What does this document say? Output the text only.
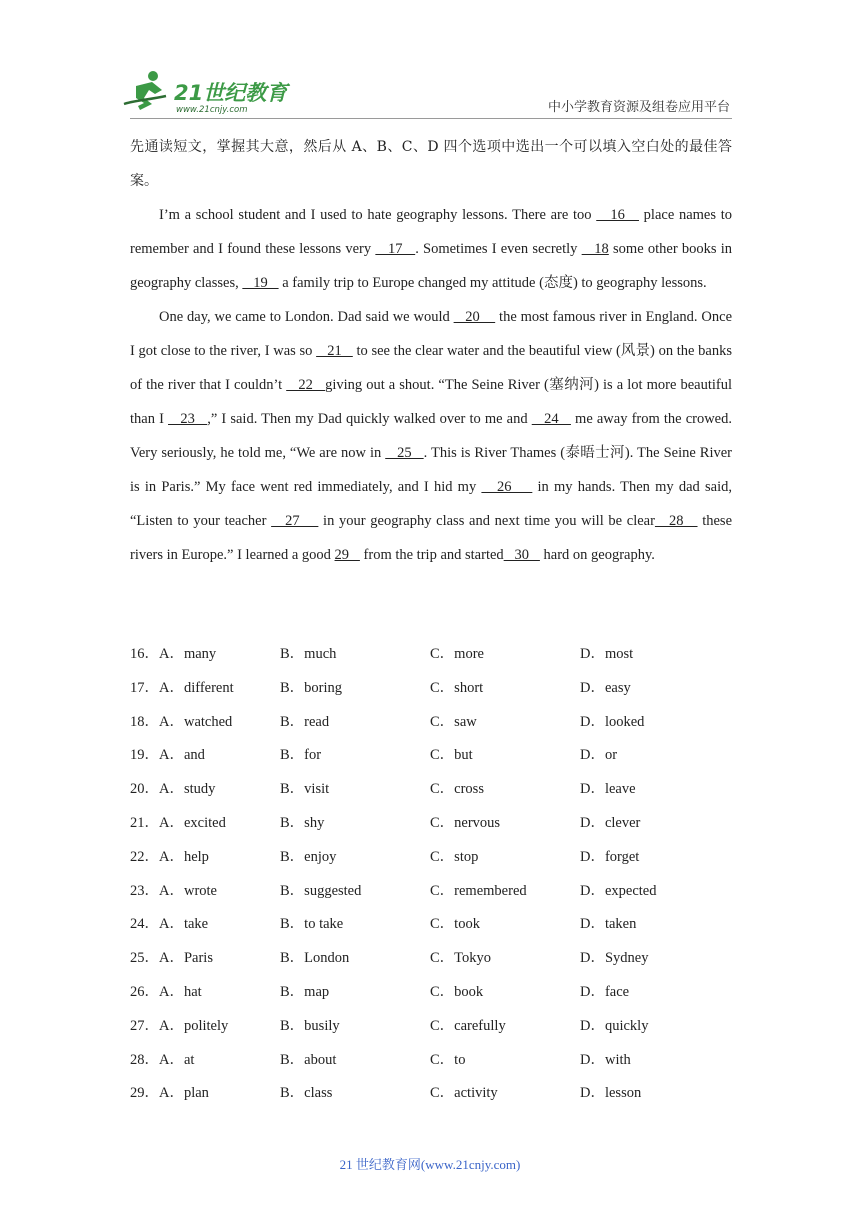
21世纪教育
www.21cnjy.com	中小学教育资源及组卷应用平台
先通读短文，掌握其大意，然后从 A、B、C、D 四个选项中选出一个可以填入空白处的最佳答案。
I’m a school student and I used to hate geography lessons. There are too    16    place names to remember and I found these lessons very    17   . Sometimes I even secretly    18 some other books in geography classes,    19    a family trip to Europe changed my attitude (态度) to geography lessons.
One day, we came to London. Dad said we would    20     the most famous river in England. Once I got close to the river, I was so    21    to see the clear water and the beautiful view (风景) on the banks of the river that I couldn’t    22   giving out a shout. “The Seine River (塞纳河) is a lot more beautiful than I    23   ,” I said. Then my Dad quickly walked over to me and    24    me away from the crowed. Very seriously, he told me, “We are now in    25   . This is River Thames (泰晤士河). The Seine River is in Paris.” My face went red immediately, and I hid my    26     in my hands. Then my dad said, “Listen to your teacher    27     in your geography class and next time you will be clear   28    these rivers in Europe.” I learned a good 29    from the trip and started   30    hard on geography.
16．A．many	B．much	C．more	D．most
17．A．different	B．boring	C．short	D．easy
18．A．watched	B．read	C．saw	D．looked
19．A．and	B．for	C．but	D．or
20．A．study	B．visit	C．cross	D．leave
21．A．excited	B．shy	C．nervous	D．clever
22．A．help	B．enjoy	C．stop	D．forget
23．A．wrote	B．suggested	C．remembered	D．expected
24．A．take	B．to take	C．took	D．taken
25．A．Paris	B．London	C．Tokyo	D．Sydney
26．A．hat	B．map	C．book	D．face
27．A．politely	B．busily	C．carefully	D．quickly
28．A．at	B．about	C．to	D．with
29．A．plan	B．class	C．activity	D．lesson
21 世纪教育网(www.21cnjy.com)
